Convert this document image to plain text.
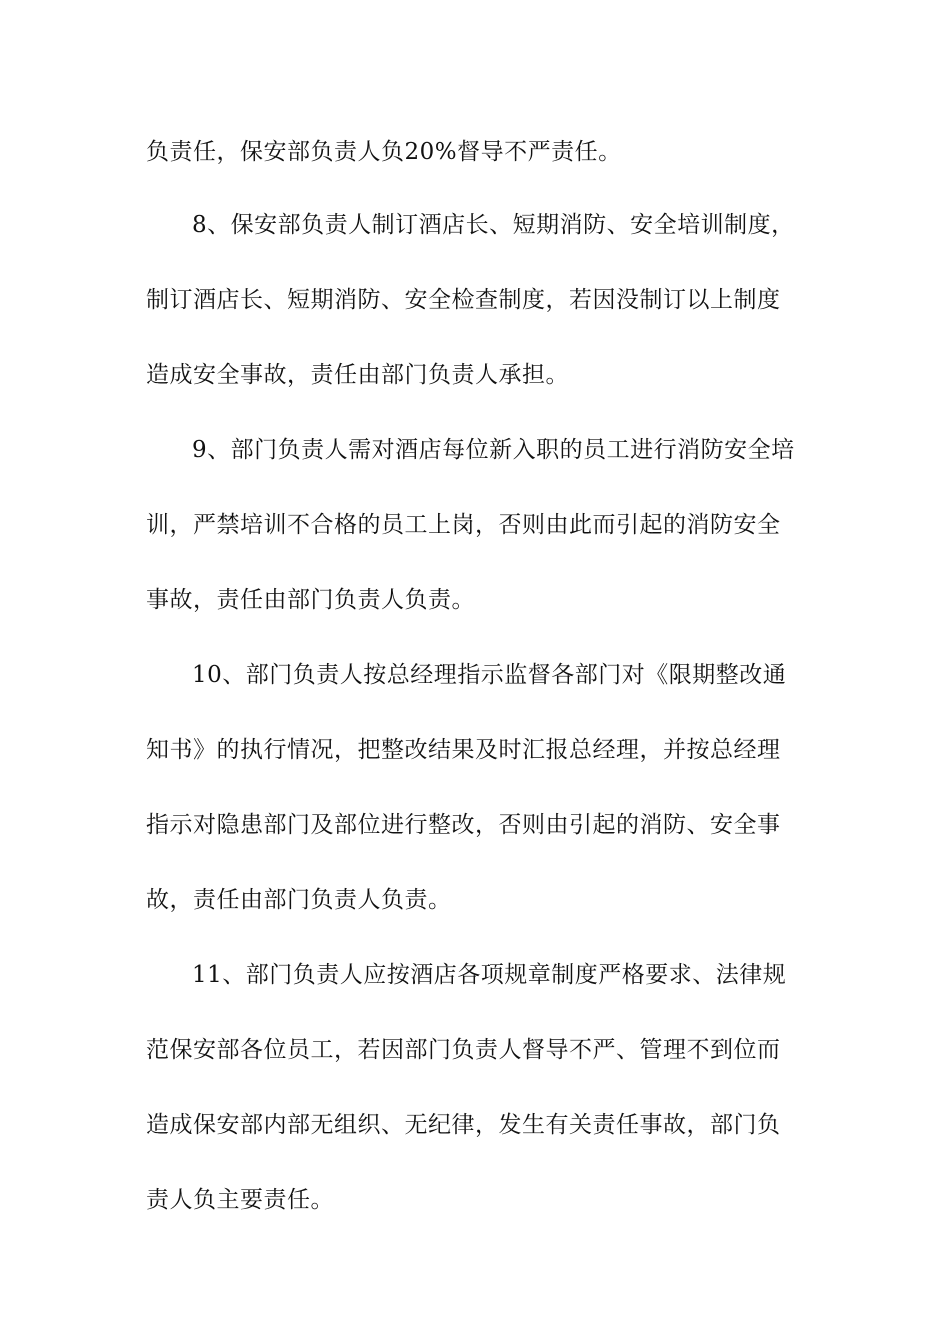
负责任，保安部负责人负20%督导不严责任。
8、保安部负责人制订酒店长、短期消防、安全培训制度，
制订酒店长、短期消防、安全检查制度，若因没制订以上制度
造成安全事故，责任由部门负责人承担。
9、部门负责人需对酒店每位新入职的员工进行消防安全培
训，严禁培训不合格的员工上岗，否则由此而引起的消防安全
事故，责任由部门负责人负责。
10、部门负责人按总经理指示监督各部门对《限期整改通
知书》的执行情况，把整改结果及时汇报总经理，并按总经理
指示对隐患部门及部位进行整改，否则由引起的消防、安全事
故，责任由部门负责人负责。
11、部门负责人应按酒店各项规章制度严格要求、法律规
范保安部各位员工，若因部门负责人督导不严、管理不到位而
造成保安部内部无组织、无纪律，发生有关责任事故，部门负
责人负主要责任。
